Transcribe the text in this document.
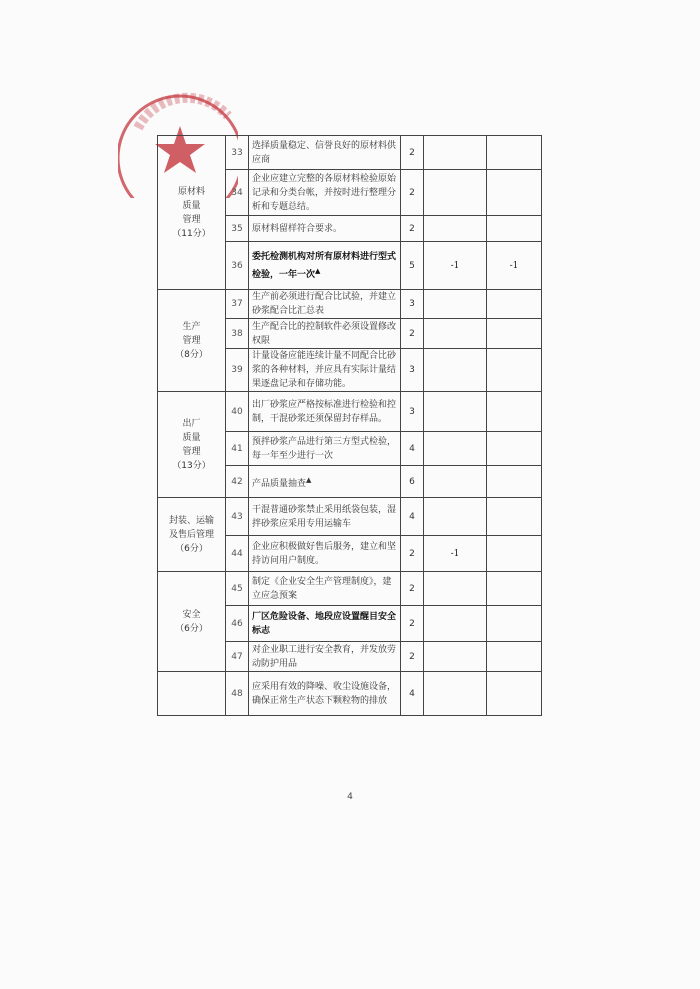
原材料
质量
管理
（11分）	33	选择质量稳定、信誉良好的原材料供应商	2		
	34	企业应建立完整的各原材料检验原始记录和分类台帐，并按时进行整理分析和专题总结。	2		
	35	原材料留样符合要求。	2		
	36	委托检测机构对所有原材料进行型式检验，一年一次▲	5	-1	-1
生产
管理
（8分）	37	生产前必须进行配合比试验，并建立砂浆配合比汇总表	3		
	38	生产配合比的控制软件必须设置修改权限	2		
	39	计量设备应能连续计量不同配合比砂浆的各种材料，并应具有实际计量结果逐盘记录和存储功能。	3		
出厂
质量
管理
（13分）	40	出厂砂浆应严格按标准进行检验和控制，干混砂浆还须保留封存样品。	3		
	41	预拌砂浆产品进行第三方型式检验，每一年至少进行一次	4		
	42	产品质量抽查▲	6		
封装、运输
及售后管理
（6分）	43	干混普通砂浆禁止采用纸袋包装，湿拌砂浆应采用专用运输车	4		
	44	企业应积极做好售后服务，建立和坚持访问用户制度。	2	-1	
安全
（6分）	45	制定《企业安全生产管理制度》，建立应急预案	2		
	46	厂区危险设备、地段应设置醒目安全标志	2		
	47	对企业职工进行安全教育，并发放劳动防护用品	2		
	48	应采用有效的降噪、收尘设施设备，确保正常生产状态下颗粒物的排放	4		
4
